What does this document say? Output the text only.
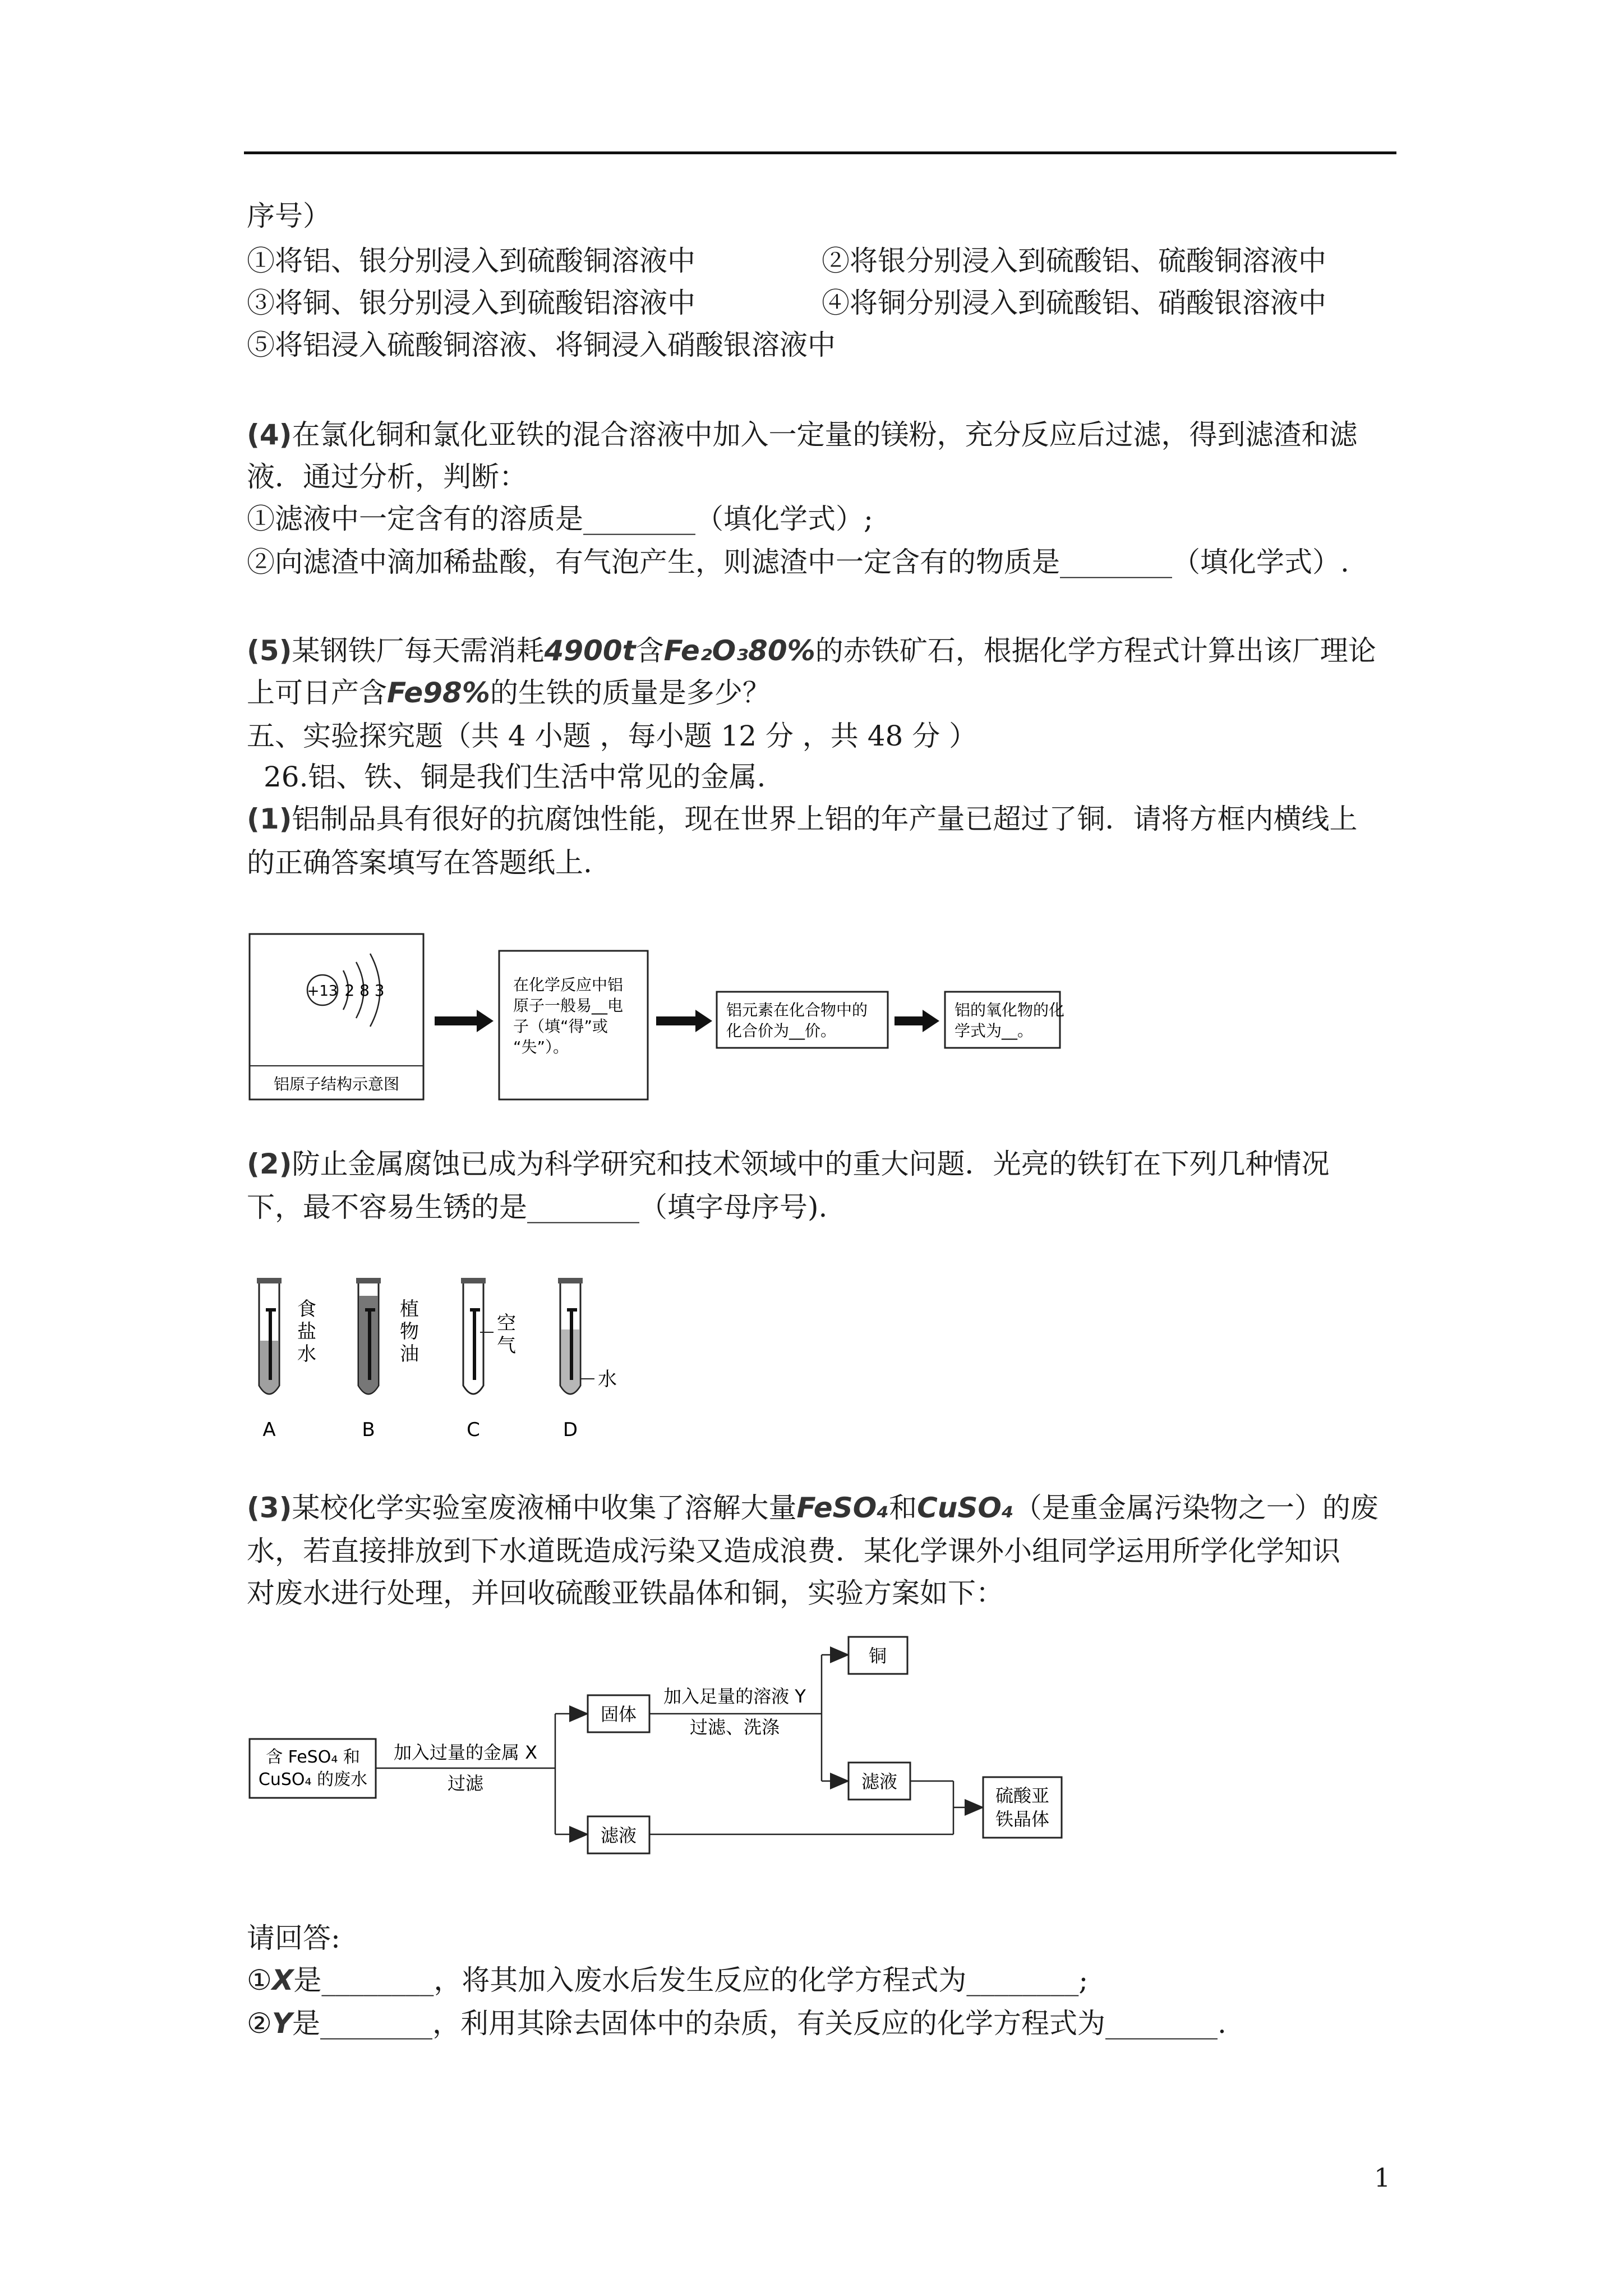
序号）
①将铝、银分别浸入到硫酸铜溶液中	②将银分别浸入到硫酸铝、硫酸铜溶液中
③将铜、银分别浸入到硫酸铝溶液中	④将铜分别浸入到硫酸铝、硝酸银溶液中
⑤将铝浸入硫酸铜溶液、将铜浸入硝酸银溶液中
(4)在氯化铜和氯化亚铁的混合溶液中加入一定量的镁粉，充分反应后过滤，得到滤渣和滤
液．通过分析，判断：
①滤液中一定含有的溶质是________（填化学式）;
②向滤渣中滴加稀盐酸，有气泡产生，则滤渣中一定含有的物质是________（填化学式）.
(5)某钢铁厂每天需消耗4900t含Fe₂O₃80%的赤铁矿石，根据化学方程式计算出该厂理论
上可日产含Fe98%的生铁的质量是多少？
五、实验探究题（共 4 小题 ，每小题 12 分 ，共 48 分 ）
26.铝、铁、铜是我们生活中常见的金属.
(1)铝制品具有很好的抗腐蚀性能，现在世界上铝的年产量已超过了铜．请将方框内横线上
的正确答案填写在答题纸上.
+13 2 8 3
铝原子结构示意图
在化学反应中铝
原子一般易__电
子（填“得”或
“失”）。
铝元素在化合物中的
化合价为__价。
铝的氧化物的化
学式为__。
(2)防止金属腐蚀已成为科学研究和技术领域中的重大问题．光亮的铁钉在下列几种情况
下，最不容易生锈的是________（填字母序号).
食
盐
水
A
植
物
油
B
空
气
C
水
D
(3)某校化学实验室废液桶中收集了溶解大量FeSO₄和CuSO₄（是重金属污染物之一）的废
水，若直接排放到下水道既造成污染又造成浪费．某化学课外小组同学运用所学化学知识
对废水进行处理，并回收硫酸亚铁晶体和铜，实验方案如下：
含 FeSO₄ 和
CuSO₄ 的废水
加入过量的金属 X
过滤
固体
加入足量的溶液 Y
过滤、洗涤
铜
滤液
滤液
硫酸亚
铁晶体
请回答:
①X是________，将其加入废水后发生反应的化学方程式为________;
②Y是________，利用其除去固体中的杂质，有关反应的化学方程式为________.
1
